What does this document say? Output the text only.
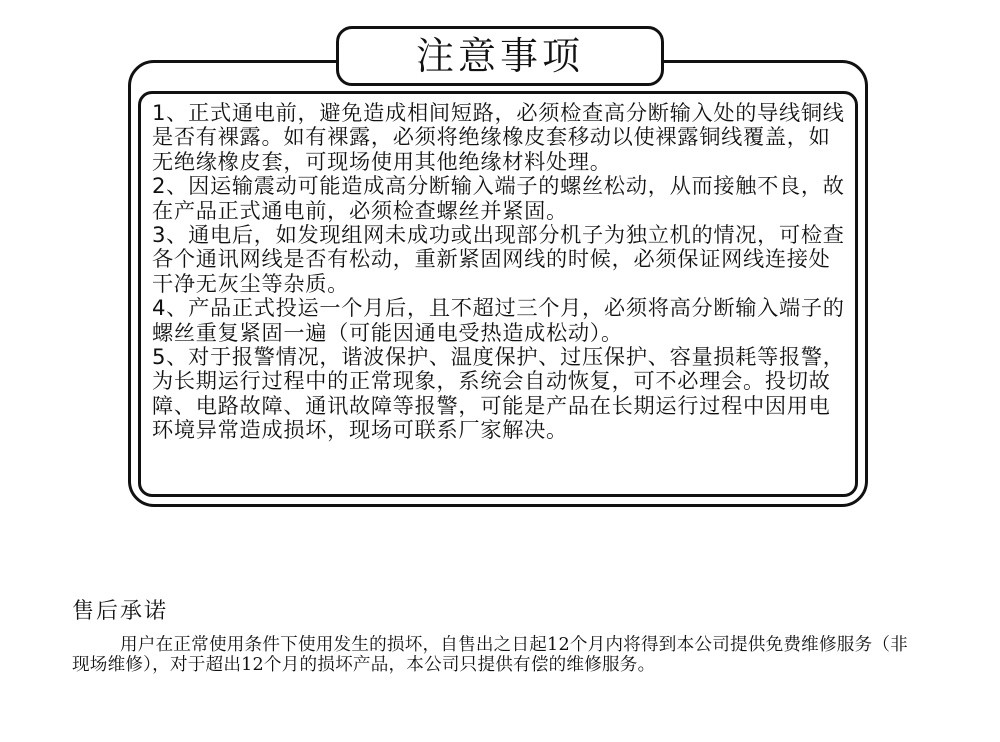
注意事项

1、正式通电前，避免造成相间短路，必须检查高分断输入处的导线铜线是否有裸露。如有裸露，必须将绝缘橡皮套移动以使裸露铜线覆盖，如无绝缘橡皮套，可现场使用其他绝缘材料处理。

2、因运输震动可能造成高分断输入端子的螺丝松动，从而接触不良，故在产品正式通电前，必须检查螺丝并紧固。

3、通电后，如发现组网未成功或出现部分机子为独立机的情况，可检查各个通讯网线是否有松动，重新紧固网线的时候，必须保证网线连接处干净无灰尘等杂质。

4、产品正式投运一个月后，且不超过三个月，必须将高分断输入端子的螺丝重复紧固一遍（可能因通电受热造成松动）。

5、对于报警情况，谐波保护、温度保护、过压保护、容量损耗等报警，为长期运行过程中的正常现象，系统会自动恢复，可不必理会。投切故障、电路故障、通讯故障等报警，可能是产品在长期运行过程中因用电环境异常造成损坏，现场可联系厂家解决。

售后承诺
用户在正常使用条件下使用发生的损坏，自售出之日起12个月内将得到本公司提供免费维修服务（非现场维修），对于超出12个月的损坏产品，本公司只提供有偿的维修服务。
